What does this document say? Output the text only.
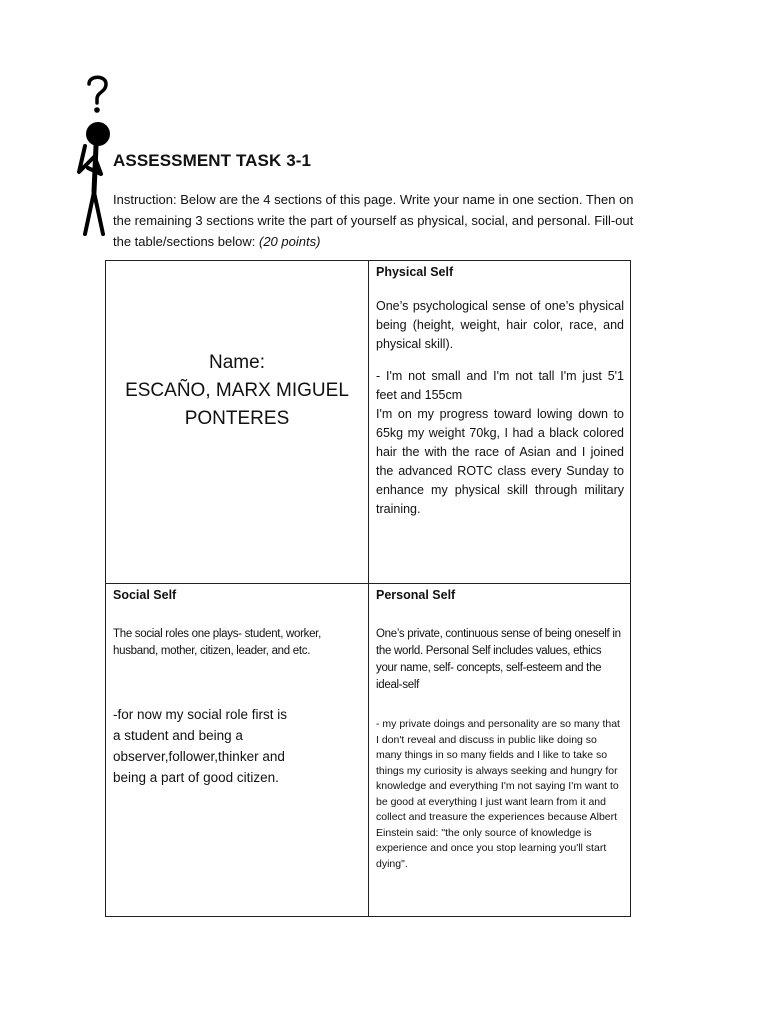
ASSESSMENT TASK 3-1

Instruction: Below are the 4 sections of this page. Write your name in one section. Then on the remaining 3 sections write the part of yourself as physical, social, and personal. Fill-out the table/sections below: (20 points)

Name:
ESCAÑO, MARX MIGUEL
PONTERES

Physical Self

One’s psychological sense of one’s physical being (height, weight, hair color, race, and physical skill).

- I'm not small and I'm not tall I'm just 5'1 feet and 155cm
I'm on my progress toward lowing down to 65kg my weight 70kg, I had a black colored hair the with the race of Asian and I joined the advanced ROTC class every Sunday to enhance my physical skill through military training.

Social Self

The social roles one plays- student, worker, husband, mother, citizen, leader, and etc.

-for now my social role first is
a student and being a
observer,follower,thinker and
being a part of good citizen.

Personal Self

One’s private, continuous sense of being oneself in the world. Personal Self includes values, ethics your name, self- concepts, self-esteem and the ideal-self

- my private doings and personality are so many that I don't reveal and discuss in public like doing so many things in so many fields and I like to take so things my curiosity is always seeking and hungry for knowledge and everything I'm not saying I'm want to be good at everything I just want learn from it and collect and treasure the experiences because Albert Einstein said: "the only source of knowledge is experience and once you stop learning you'll start dying".
